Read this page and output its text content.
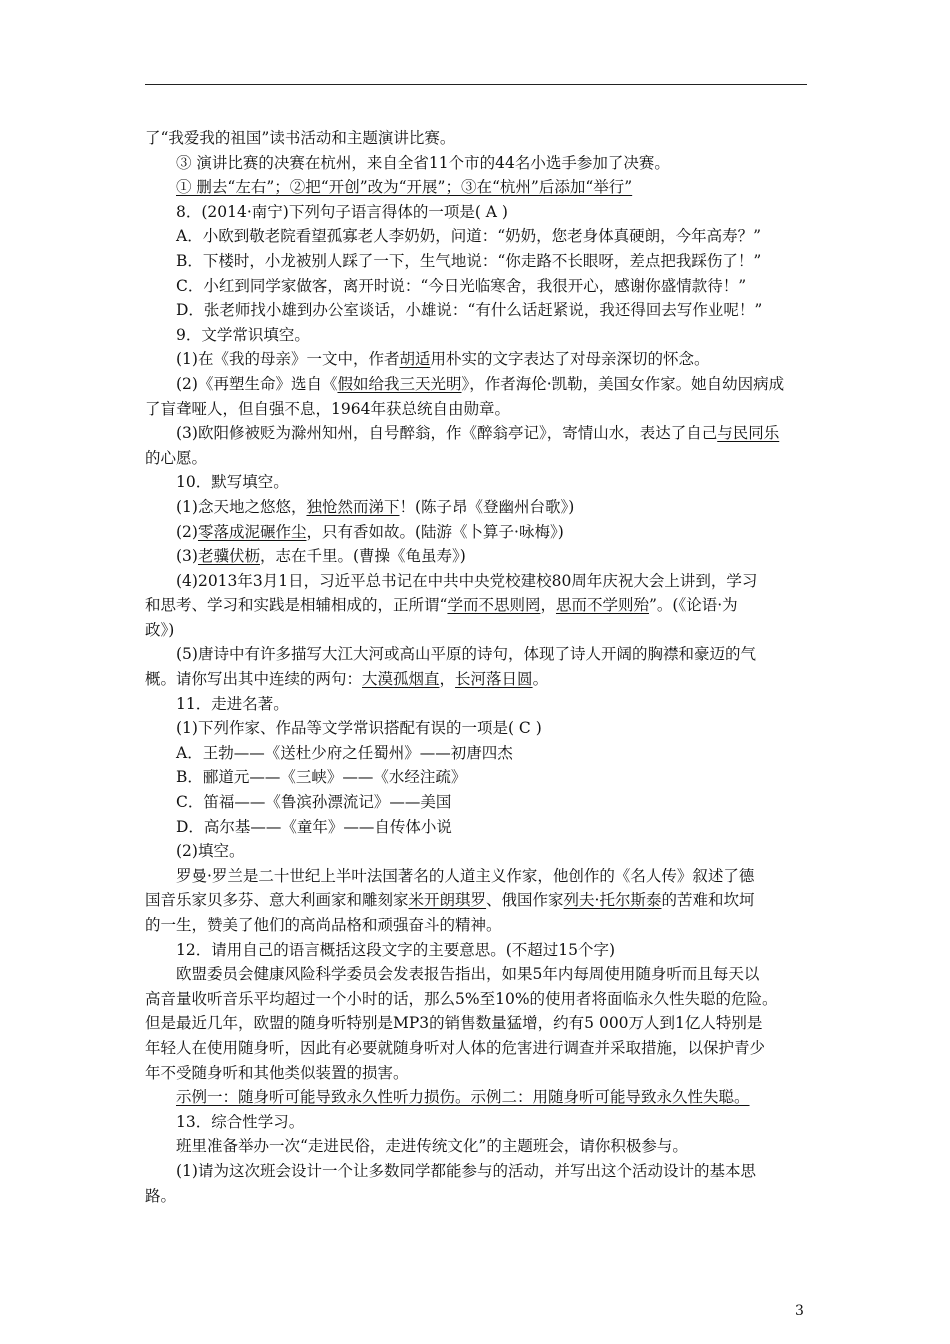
了“我爱我的祖国”读书活动和主题演讲比赛。

③ 演讲比赛的决赛在杭州，来自全省11个市的44名小选手参加了决赛。

① 删去“左右”；②把“开创”改为“开展”；③在“杭州”后添加“举行”

8．(2014·南宁)下列句子语言得体的一项是( A )

A．小欧到敬老院看望孤寡老人李奶奶，问道：“奶奶，您老身体真硬朗，今年高寿？”

B．下楼时，小龙被别人踩了一下，生气地说：“你走路不长眼呀，差点把我踩伤了！”

C．小红到同学家做客，离开时说：“今日光临寒舍，我很开心，感谢你盛情款待！”

D．张老师找小雄到办公室谈话，小雄说：“有什么话赶紧说，我还得回去写作业呢！”

9．文学常识填空。

(1)在《我的母亲》一文中，作者胡适用朴实的文字表达了对母亲深切的怀念。

(2)《再塑生命》选自《假如给我三天光明》，作者海伦·凯勒，美国女作家。她自幼因病成

了盲聋哑人，但自强不息，1964年获总统自由勋章。

(3)欧阳修被贬为滁州知州，自号醉翁，作《醉翁亭记》，寄情山水，表达了自己与民同乐

的心愿。

10．默写填空。

(1)念天地之悠悠，独怆然而涕下！(陈子昂《登幽州台歌》)

(2)零落成泥碾作尘，只有香如故。(陆游《卜算子·咏梅》)

(3)老骥伏枥，志在千里。(曹操《龟虽寿》)

(4)2013年3月1日，习近平总书记在中共中央党校建校80周年庆祝大会上讲到，学习

和思考、学习和实践是相辅相成的，正所谓“学而不思则罔，思而不学则殆”。(《论语·为

政》)

(5)唐诗中有许多描写大江大河或高山平原的诗句，体现了诗人开阔的胸襟和豪迈的气

概。请你写出其中连续的两句：大漠孤烟直，长河落日圆。

11．走进名著。

(1)下列作家、作品等文学常识搭配有误的一项是( C )

A．王勃——《送杜少府之任蜀州》——初唐四杰

B．郦道元——《三峡》——《水经注疏》

C．笛福——《鲁滨孙漂流记》——美国

D．高尔基——《童年》——自传体小说

(2)填空。

罗曼·罗兰是二十世纪上半叶法国著名的人道主义作家，他创作的《名人传》叙述了德

国音乐家贝多芬、意大利画家和雕刻家米开朗琪罗、俄国作家列夫·托尔斯泰的苦难和坎坷

的一生，赞美了他们的高尚品格和顽强奋斗的精神。

12．请用自己的语言概括这段文字的主要意思。(不超过15个字)

欧盟委员会健康风险科学委员会发表报告指出，如果5年内每周使用随身听而且每天以

高音量收听音乐平均超过一个小时的话，那么5%至10%的使用者将面临永久性失聪的危险。

但是最近几年，欧盟的随身听特别是MP3的销售数量猛增，约有5 000万人到1亿人特别是

年轻人在使用随身听，因此有必要就随身听对人体的危害进行调查并采取措施，以保护青少

年不受随身听和其他类似装置的损害。

示例一：随身听可能导致永久性听力损伤。示例二：用随身听可能导致永久性失聪。

13．综合性学习。

班里准备举办一次“走进民俗，走进传统文化”的主题班会，请你积极参与。

(1)请为这次班会设计一个让多数同学都能参与的活动，并写出这个活动设计的基本思

路。

3
